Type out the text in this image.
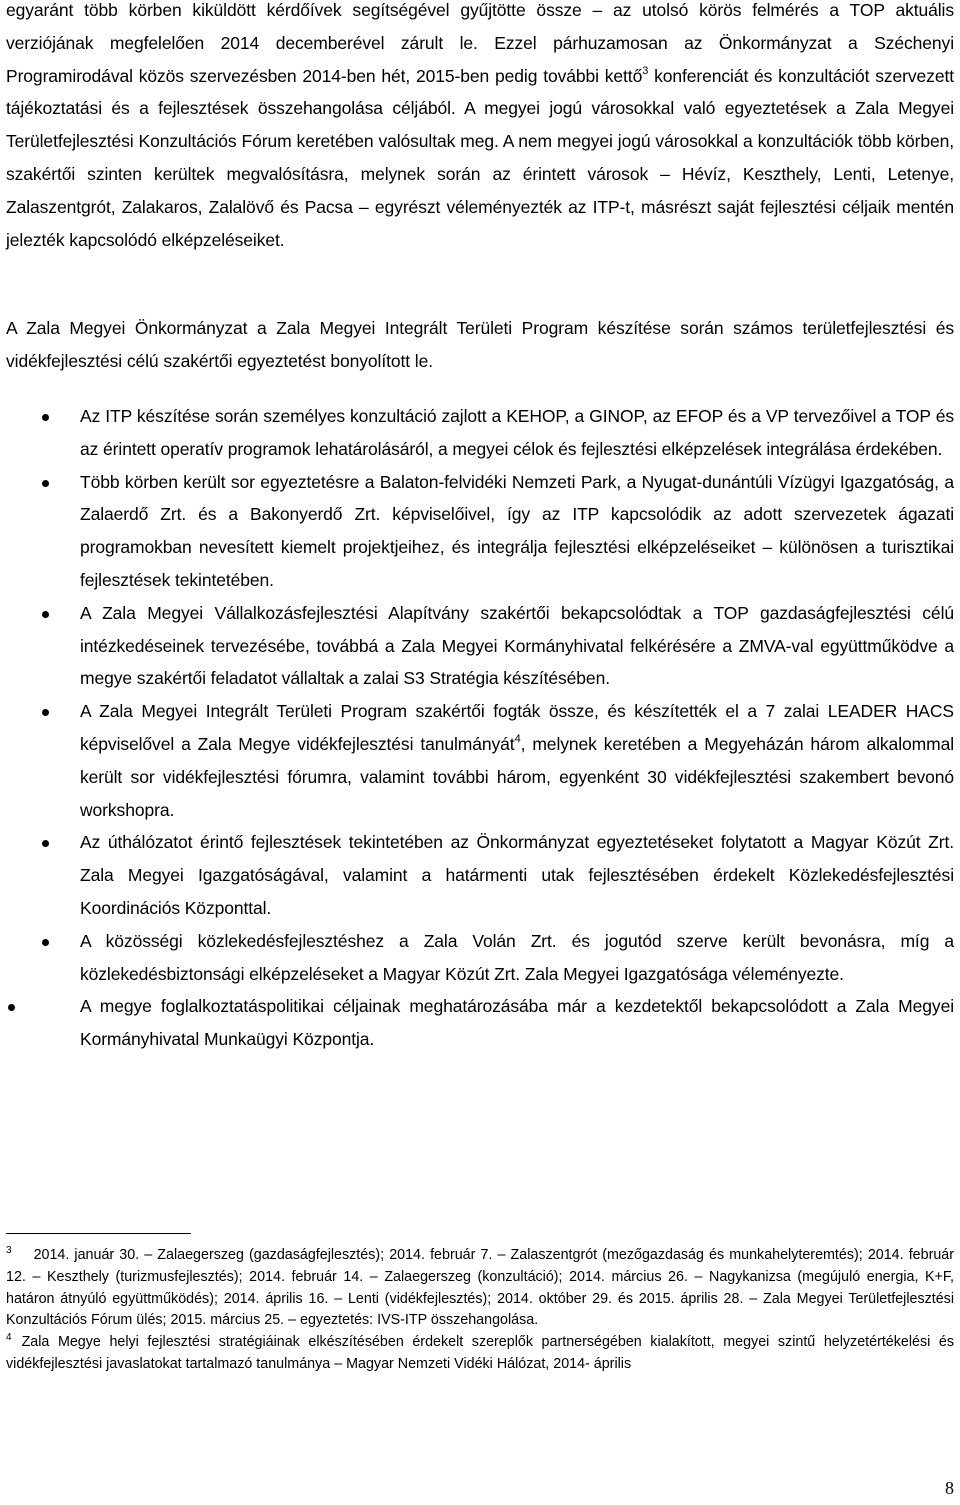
egyaránt több körben kiküldött kérdőívek segítségével gyűjtötte össze – az utolsó körös felmérés a TOP aktuális verziójának megfelelően 2014 decemberével zárult le. Ezzel párhuzamosan az Önkormányzat a Széchenyi Programirodával közös szervezésben 2014-ben hét, 2015-ben pedig további kettő$^3$ konferenciát és konzultációt szervezett tájékoztatási és a fejlesztések összehangolása céljából. A megyei jogú városokkal való egyeztetések a Zala Megyei Területfejlesztési Konzultációs Fórum keretében valósultak meg. A nem megyei jogú városokkal a konzultációk több körben, szakértői szinten kerültek megvalósításra, melynek során az érintett városok – Hévíz, Keszthely, Lenti, Letenye, Zalaszentgrót, Zalakaros, Zalalövő és Pacsa – egyrészt véleményezték az ITP-t, másrészt saját fejlesztési céljaik mentén jelezték kapcsolódó elképzeléseiket.

A Zala Megyei Önkormányzat a Zala Megyei Integrált Területi Program készítése során számos területfejlesztési és vidékfejlesztési célú szakértői egyeztetést bonyolított le.

Az ITP készítése során személyes konzultáció zajlott a KEHOP, a GINOP, az EFOP és a VP tervezőivel a TOP és az érintett operatív programok lehatárolásáról, a megyei célok és fejlesztési elképzelések integrálása érdekében.
Több körben került sor egyeztetésre a Balaton-felvidéki Nemzeti Park, a Nyugat-dunántúli Vízügyi Igazgatóság, a Zalaerdő Zrt. és a Bakonyerdő Zrt. képviselőivel, így az ITP kapcsolódik az adott szervezetek ágazati programokban nevesített kiemelt projektjeihez, és integrálja fejlesztési elképzeléseiket – különösen a turisztikai fejlesztések tekintetében.
A Zala Megyei Vállalkozásfejlesztési Alapítvány szakértői bekapcsolódtak a TOP gazdaságfejlesztési célú intézkedéseinek tervezésébe, továbbá a Zala Megyei Kormányhivatal felkérésére a ZMVA-val együttműködve a megye szakértői feladatot vállaltak a zalai S3 Stratégia készítésében.
A Zala Megyei Integrált Területi Program szakértői fogták össze, és készítették el a 7 zalai LEADER HACS képviselővel a Zala Megye vidékfejlesztési tanulmányát$^4$, melynek keretében a Megyeházán három alkalommal került sor vidékfejlesztési fórumra, valamint további három, egyenként 30 vidékfejlesztési szakembert bevonó workshopra.
Az úthálózatot érintő fejlesztések tekintetében az Önkormányzat egyeztetéseket folytatott a Magyar Közút Zrt. Zala Megyei Igazgatóságával, valamint a határmenti utak fejlesztésében érdekelt Közlekedésfejlesztési Koordinációs Központtal.
A közösségi közlekedésfejlesztéshez a Zala Volán Zrt. és jogutód szerve került bevonásra, míg a közlekedésbiztonsági elképzeléseket a Magyar Közút Zrt. Zala Megyei Igazgatósága véleményezte.
A megye foglalkoztatáspolitikai céljainak meghatározásába már a kezdetektől bekapcsolódott a Zala Megyei Kormányhivatal Munkaügyi Központja.

$^3$ 2014. január 30. – Zalaegerszeg (gazdaságfejlesztés); 2014. február 7. – Zalaszentgrót (mezőgazdaság és munkahelyteremtés); 2014. február 12. – Keszthely (turizmusfejlesztés); 2014. február 14. – Zalaegerszeg (konzultáció); 2014. március 26. – Nagykanizsa (megújuló energia, K+F, határon átnyúló együttműködés); 2014. április 16. – Lenti (vidékfejlesztés); 2014. október 29. és 2015. április 28. – Zala Megyei Területfejlesztési Konzultációs Fórum ülés; 2015. március 25. – egyeztetés: IVS-ITP összehangolása.

$^4$ Zala Megye helyi fejlesztési stratégiáinak elkészítésében érdekelt szereplők partnerségében kialakított, megyei szintű helyzetértékelési és vidékfejlesztési javaslatokat tartalmazó tanulmánya – Magyar Nemzeti Vidéki Hálózat, 2014- április

8
